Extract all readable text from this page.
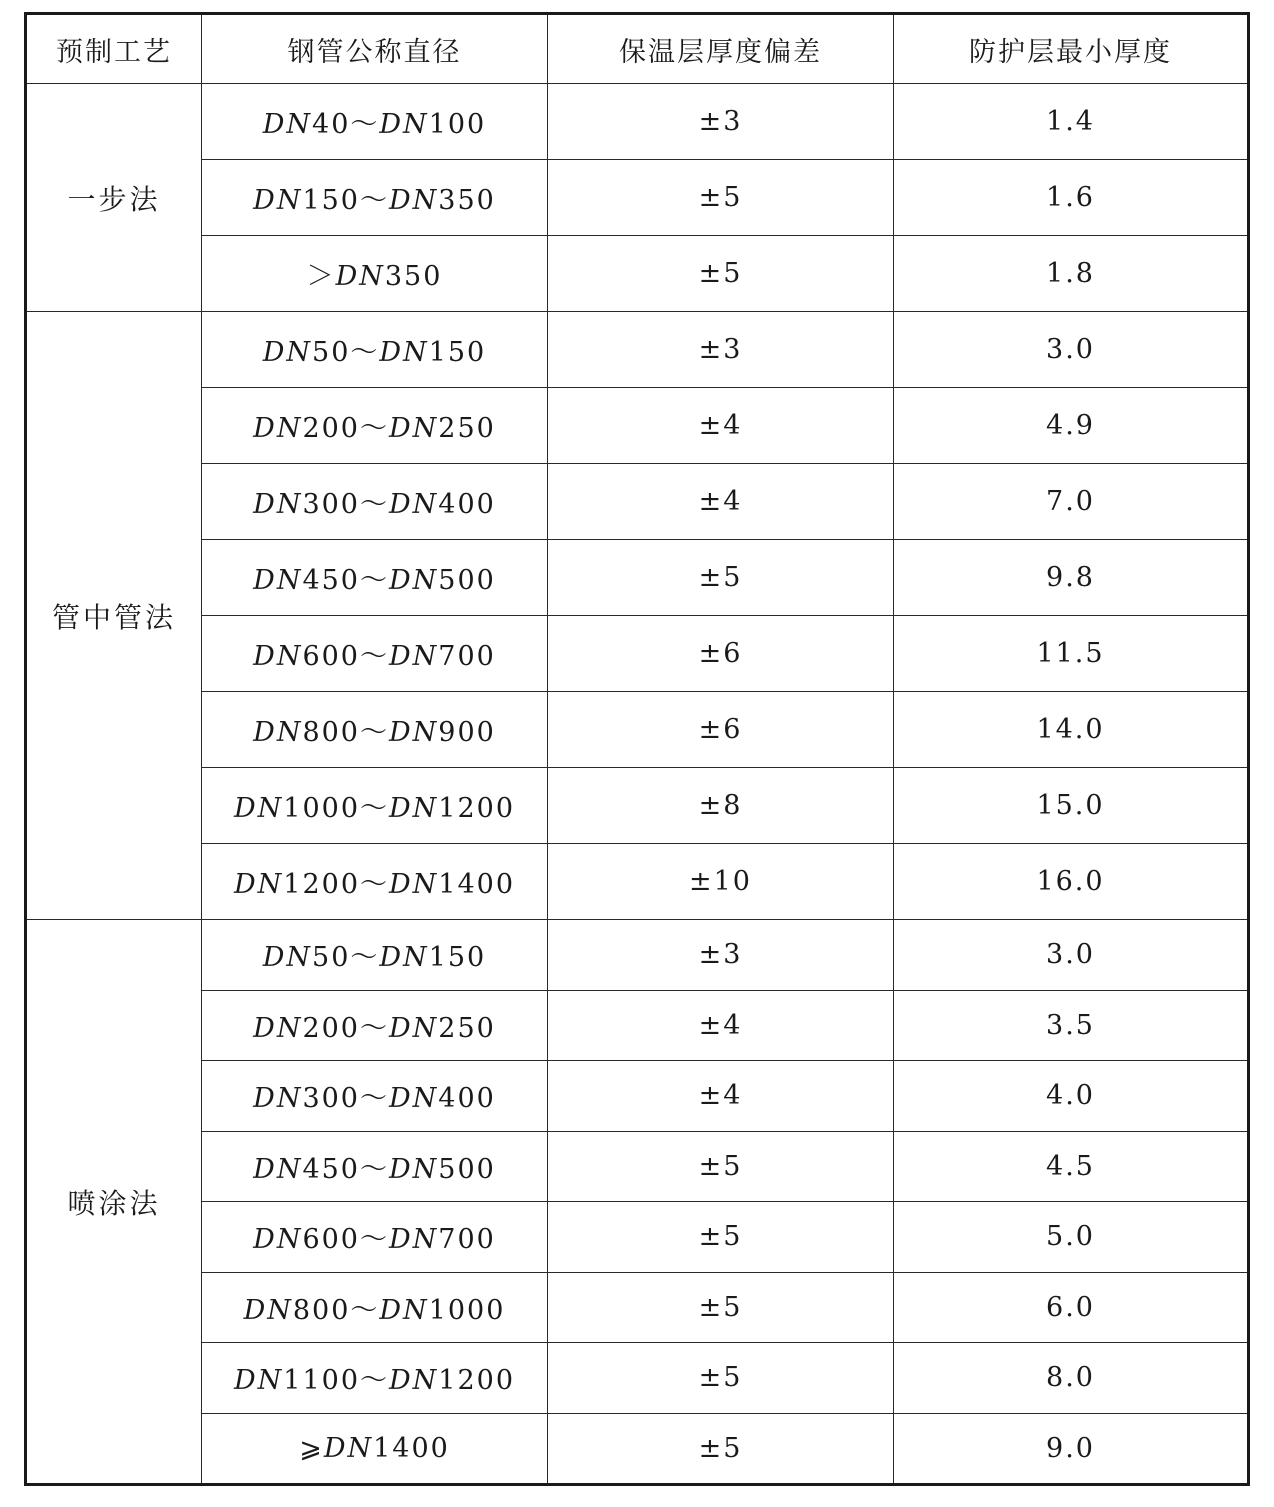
预制工艺	钢管公称直径	保温层厚度偏差	防护层最小厚度
一步法	DN40～DN100	±3	1.4
	DN150～DN350	±5	1.6
	＞DN350	±5	1.8
管中管法	DN50～DN150	±3	3.0
	DN200～DN250	±4	4.9
	DN300～DN400	±4	7.0
	DN450～DN500	±5	9.8
	DN600～DN700	±6	11.5
	DN800～DN900	±6	14.0
	DN1000～DN1200	±8	15.0
	DN1200～DN1400	±10	16.0
喷涂法	DN50～DN150	±3	3.0
	DN200～DN250	±4	3.5
	DN300～DN400	±4	4.0
	DN450～DN500	±5	4.5
	DN600～DN700	±5	5.0
	DN800～DN1000	±5	6.0
	DN1100～DN1200	±5	8.0
	⩾DN1400	±5	9.0
